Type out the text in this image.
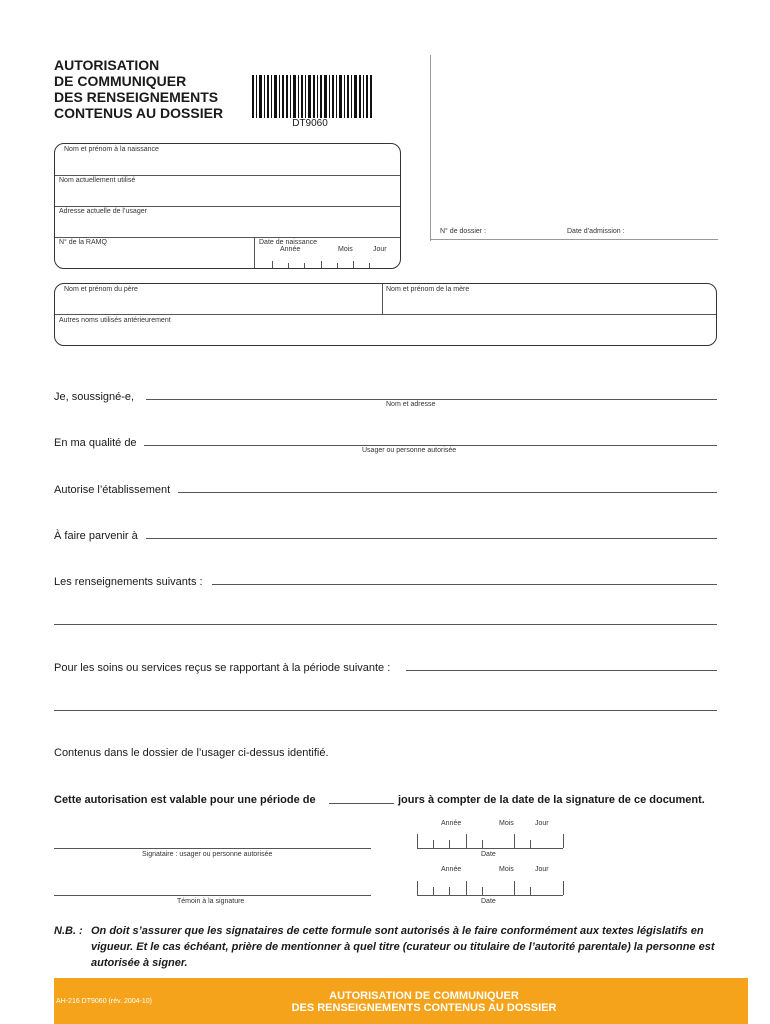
AUTORISATION
DE COMMUNIQUER
DES RENSEIGNEMENTS
CONTENUS AU DOSSIER
DT9060
Nom et prénom à la naissance
Nom actuellement utilisé
Adresse actuelle de l’usager
N° de la RAMQ	Date de naissance
Année	Mois	Jour
N° de dossier :	Date d’admission :
Nom et prénom du père	Nom et prénom de la mère
Autres noms utilisés antérieurement
Je, soussigné-e,
Nom et adresse
En ma qualité de
Usager ou personne autorisée
Autorise l’établissement
À faire parvenir à
Les renseignements suivants :
Pour les soins ou services reçus se rapportant à la période suivante :
Contenus dans le dossier de l’usager ci-dessus identifié.
Cette autorisation est valable pour une période de	jours à compter de la date de la signature de ce document.
Signataire : usager ou personne autorisée
Année	Mois	Jour
Date
Témoin à la signature
Année	Mois	Jour
Date
N.B. : On doit s’assurer que les signataires de cette formule sont autorisés à le faire conformément aux textes législatifs en vigueur. Et le cas échéant, prière de mentionner à quel titre (curateur ou titulaire de l’autorité parentale) la personne est autorisée à signer.
AH-216 DT9060 (rév. 2004-10)	AUTORISATION DE COMMUNIQUER
DES RENSEIGNEMENTS CONTENUS AU DOSSIER
